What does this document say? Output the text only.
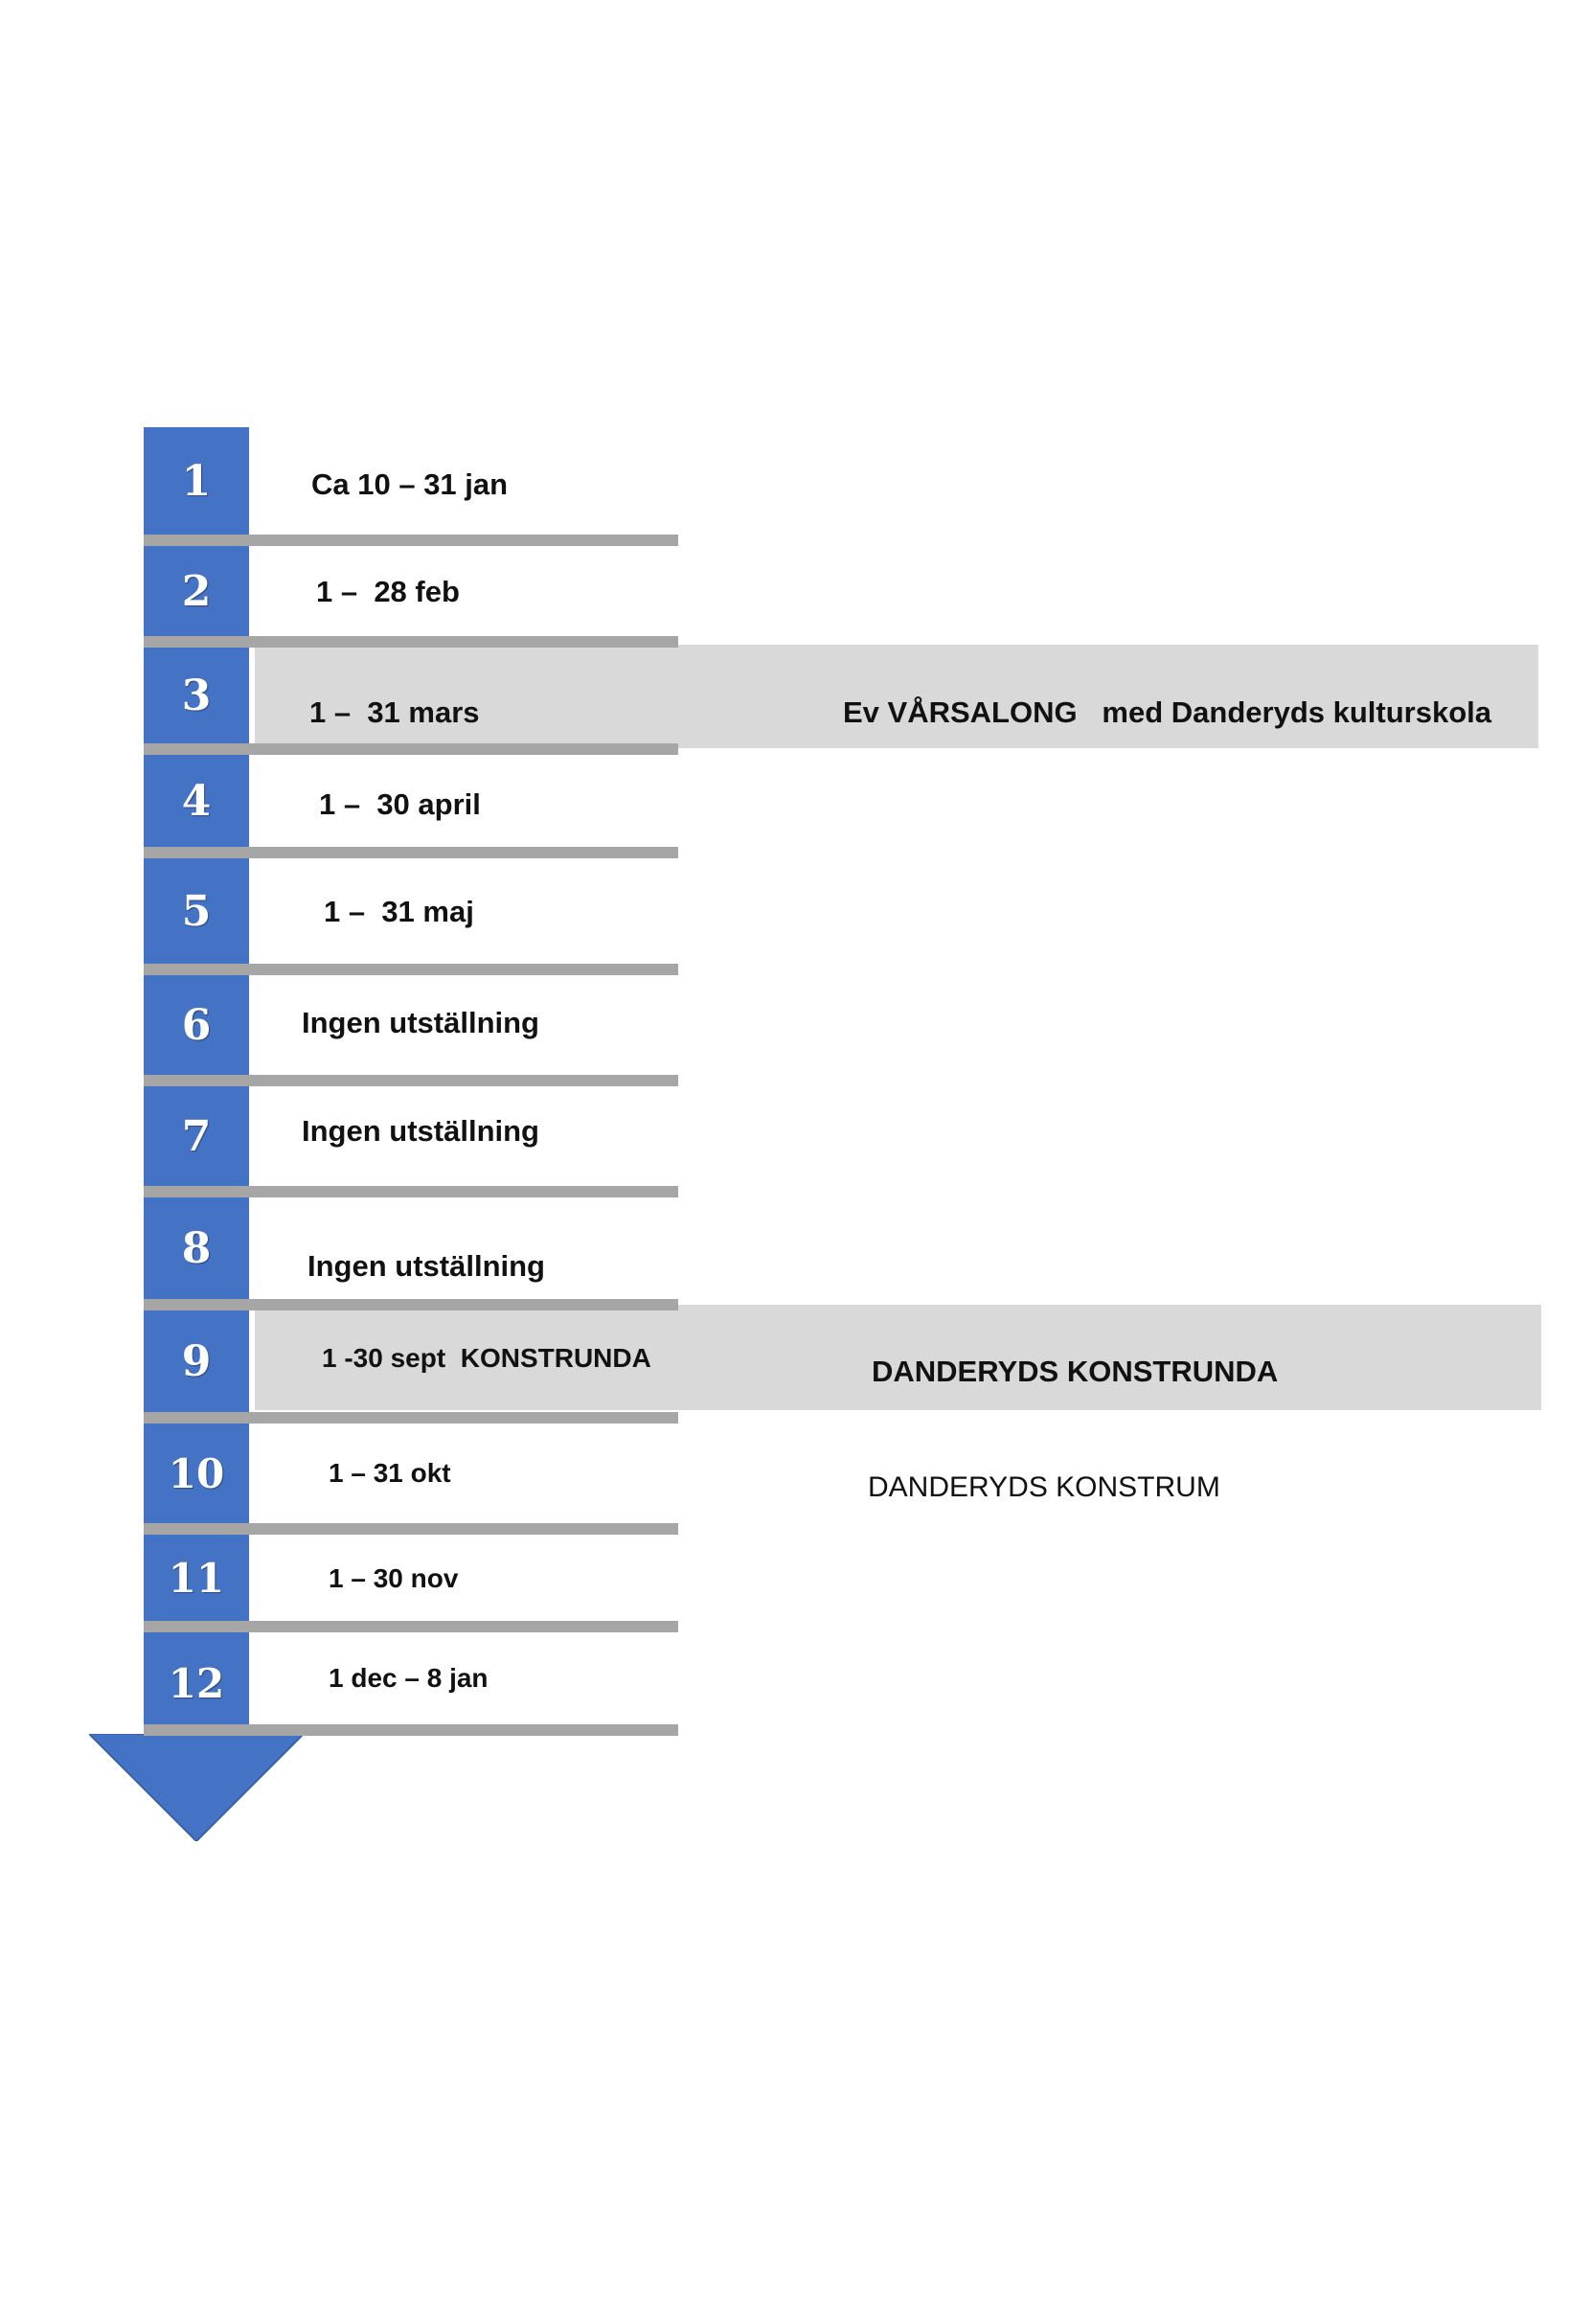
1
2
3
4
5
6
7
8
9
10
11
12
Ca 10 – 31 jan
1 –  28 feb
1 –  31 mars
1 –  30 april
1 –  31 maj
Ingen utställning
Ingen utställning
Ingen utställning
1 -30 sept  KONSTRUNDA
1 – 31 okt
1 – 30 nov
1 dec – 8 jan
Ev VÅRSALONG   med Danderyds kulturskola
DANDERYDS KONSTRUNDA
DANDERYDS KONSTRUM
